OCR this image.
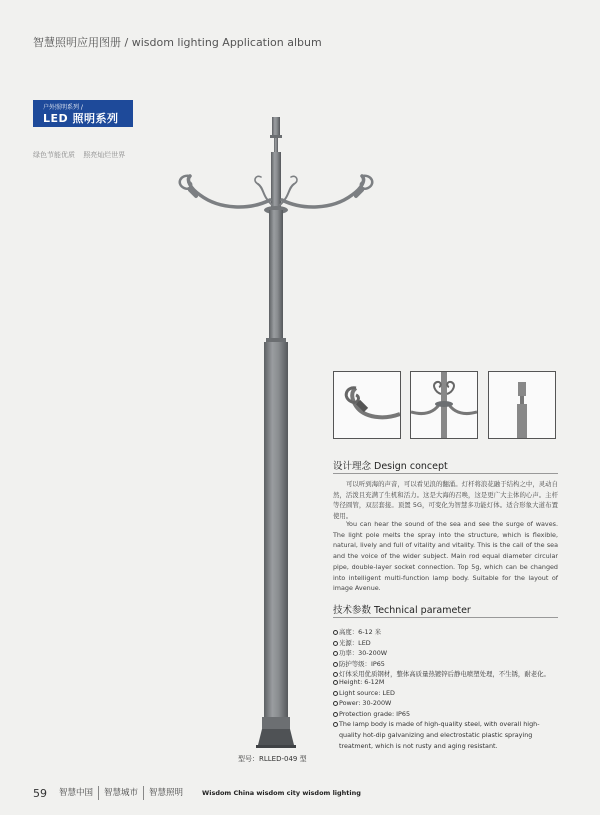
智慧照明应用图册 / wisdom lighting Application album
户外照明系列 /
LED 照明系列
绿色节能优质 照亮灿烂世界
型号：RLLED-049 型
设计理念 Design concept

可以听到海的声音，可以看见浪的翻涌。灯杆将浪花融于结构之中，灵动自然，活泼且充满了生机和活力。这是大海的召唤，这是更广大主体的心声。主杆等径圆管，双层套接。顶置 5G，可变化为智慧多功能灯体。适合形象大道布置使用。

You can hear the sound of the sea and see the surge of waves. The light pole melts the spray into the structure, which is flexible, natural, lively and full of vitality and vitality. This is the call of the sea and the voice of the wider subject. Main rod equal diameter circular pipe, double-layer socket connection. Top 5g, which can be changed into intelligent multi-function lamp body. Suitable for the layout of image Avenue.

技术参数 Technical parameter
高度：6-12 米
光源：LED
功率：30-200W
防护等级：IP65
灯体采用优质钢材，整体高质量热镀锌后静电喷塑处理，不生锈，耐老化。
Height: 6-12M
Light source: LED
Power: 30-200W
Protection grade: IP65
The lamp body is made of high-quality steel, with overall high-quality hot-dip galvanizing and electrostatic plastic spraying treatment, which is not rusty and aging resistant.
59	智慧中国	智慧城市	智慧照明	Wisdom China wisdom city wisdom lighting
